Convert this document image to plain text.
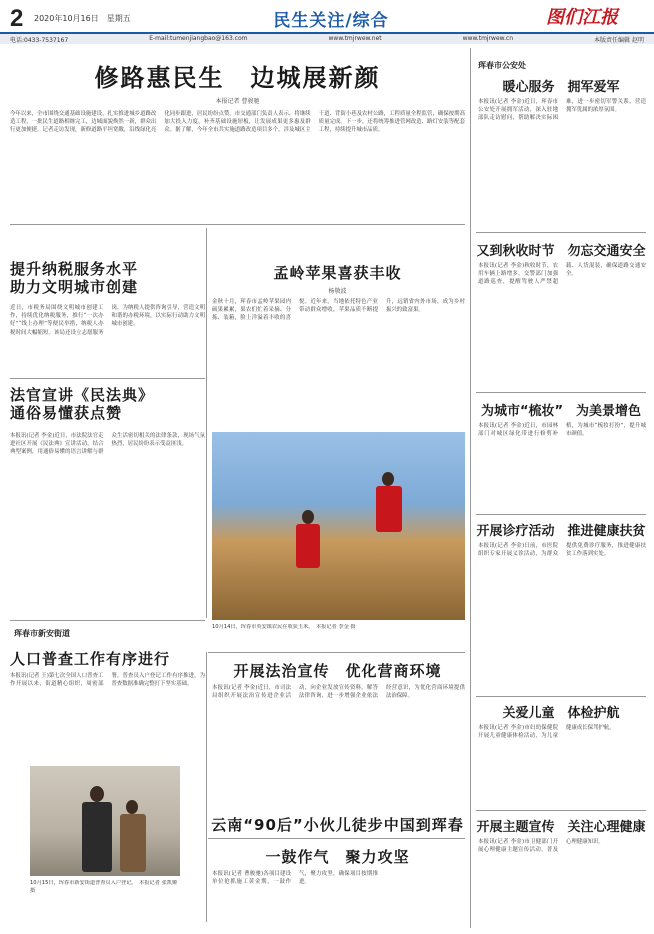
2 2020年10月16日　星期五	民生关注/综合	图们江报
电话:0433-7537167	E-mail:tumenjiangbao@163.com	www.tmjrwew.net	www.tmjrwew.cn	本版责任编辑 赵明
修路惠民生　边城展新颜
本报记者 曹骏驰
今年以来，全市围绕交通基础设施建设，扎实推进城乡道路改造工程，一批民生道路相继完工，边城面貌焕然一新，群众出行更加便捷。记者走访发现，新修道路平坦宽敞，沿线绿化亮化同步跟进，居民纷纷点赞。市交通部门负责人表示，将继续加大投入力度，补齐基础设施短板，让发展成果更多惠及群众。据了解，今年全市共实施道路改造项目多个，涉及城区主干道、背街小巷及农村公路，工程质量全程监管，确保按期高质量完成。下一步，还将统筹推进管网改造、路灯安装等配套工程，持续提升城市品质。
提升纳税服务水平
助力文明城市创建
近日，市税务局围绕文明城市创建工作，持续优化纳税服务，推行“一次办好”“线上办理”等便民举措，纳税人办税时间大幅缩短。该局还设立志愿服务岗，为纳税人提供咨询引导，营造文明和谐的办税环境，以实际行动助力文明城市创建。
法官宣讲《民法典》
通俗易懂获点赞
本报讯(记者 李金)近日，市法院法官走进社区开展《民法典》宣讲活动，结合典型案例，用通俗易懂的语言讲解与群众生活密切相关的法律条款，现场气氛热烈，居民纷纷表示受益匪浅。
珲春市新安街道
人口普查工作有序进行
本报讯(记者 王)第七次全国人口普查工作开展以来，街道精心组织，周密部署，普查员入户登记工作有序推进，为普查数据准确完整打下坚实基础。
10月15日，珲春市新安街道普查员入户登记。　本报记者 张凯姬 摄
孟岭苹果喜获丰收
杨敬波
金秋十月，珲春市孟岭苹果园内硕果累累，果农们忙着采摘、分拣、装箱，脸上洋溢着丰收的喜悦。近年来，当地依托特色产业带动群众增收，苹果品质不断提升，远销省内外市场，成为乡村振兴的致富果。
10月14日，珲春市英安镇农民在收获玉米。　本报记者 李金 摄
开展法治宣传　优化营商环境
本报讯(记者 李金)近日，市司法局组织开展法治宣传进企业活动，向企业发放宣传资料，解答法律咨询，进一步增强企业依法经营意识，为优化营商环境提供法治保障。
云南“90后”小伙儿徒步中国到珲春
一鼓作气　聚力攻坚
本报讯(记者 曹骏驰)各项目建设单位抢抓施工黄金期，一鼓作气，聚力攻坚，确保项目按期推进。
珲春市公安处
暖心服务　拥军爱军
本报讯(记者 李金)近日，珲春市公安处开展拥军活动，深入驻地部队走访慰问，帮助解决实际困难，进一步密切军警关系，营造拥军优属的浓厚氛围。
又到秋收时节　勿忘交通安全
本报讯(记者 李金)秋收时节，农用车辆上路增多，交警部门加强道路巡查，提醒驾驶人严禁超载、人货混装，确保道路交通安全。
为城市“梳妆”　为美景增色
本报讯(记者 李金)近日，市园林部门对城区绿化带进行修剪补植，为城市“梳妆打扮”，提升城市颜值。
开展诊疗活动　推进健康扶贫
本报讯(记者 李金)日前，市医院组织专家开展义诊活动，为群众提供免费诊疗服务，推进健康扶贫工作落到实处。
关爱儿童　体检护航
本报讯(记者 李金)市妇幼保健院开展儿童健康体检活动，为儿童健康成长保驾护航。
开展主题宣传　关注心理健康
本报讯(记者 李金)市卫健部门开展心理健康主题宣传活动，普及心理健康知识。
